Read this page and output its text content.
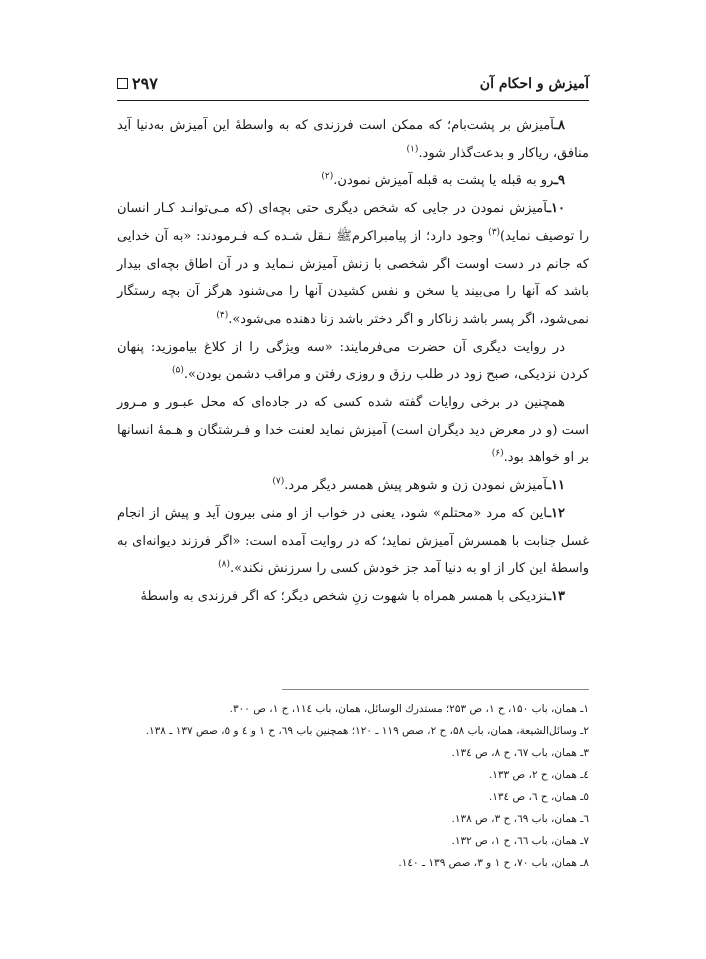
آمیزش و احکام آن
۲۹۷

۸ـآمیزش بر پشت‌بام؛ که ممکن است فرزندی که به واسطهٔ این آمیزش به‌دنیا آید منافق، ریاکار و بدعت‌گذار شود.$^{(۱)}$

۹ـرو به قبله یا پشت به قبله آمیزش نمودن.$^{(۲)}$

۱۰ـآمیزش نمودن در جایی که شخص دیگری حتی بچه‌ای (که مـی‌توانـد کـار انسان را توصیف نماید)$^{(۳)}$ وجود دارد؛ از پیامبراکرمﷺ نـقل شـده کـه فـرمودند: «به آن خدایی که جانم در دست اوست اگر شخصی با زنش آمیزش نـماید و در آن اطاق بچه‌ای بیدار باشد که آنها را می‌بیند یا سخن و نفس کشیدن آنها را می‌شنود هرگز آن بچه رستگار نمی‌شود، اگر پسر باشد زناکار و اگر دختر باشد زنا دهنده می‌شود».$^{(۴)}$

در روایت دیگری آن حضرت می‌فرمایند: «سه ویژگی را از کلاغ بیاموزید: پنهان کردن نزدیکی، صبح زود در طلب رزق و روزی رفتن و مراقب دشمن بودن».$^{(۵)}$

همچنین در برخی روایات گفته شده کسی که در جاده‌ای که محل عبـور و مـرور است (و در معرض دید دیگران است) آمیزش نماید لعنت خدا و فـرشتگان و هـمهٔ انسانها بر او خواهد بود.$^{(۶)}$

۱۱ـآمیزش نمودن زن و شوهر پیش همسر دیگر مرد.$^{(۷)}$

۱۲ـاین که مرد «محتلم» شود، یعنی در خواب از او منی بیرون آید و پیش از انجام غسل جنابت با همسرش آمیزش نماید؛ که در روایت آمده است: «اگر فرزند دیوانه‌ای به واسطهٔ این کار از او به دنیا آمد جز خودش کسی را سرزنش نکند».$^{(۸)}$

۱۳ـنزدیکی با همسر همراه با شهوت زنِ شخص دیگر؛ که اگر فرزندی به واسطهٔ

۱ـ همان، باب ۱۵۰، ح ۱، ص ۲۵۳؛ مستدرك الوسائل، همان، باب ۱۱٤، ح ۱، ص ۳۰۰.
۲ـ وسائل‌الشیعة، همان، باب ۵۸، ح ۲، صص ۱۱۹ ـ ۱۲۰؛ همچنین باب ٦۹، ح ۱ و ٤ و ٥، صص ۱۳۷ ـ ۱۳۸.
۳ـ همان، باب ٦۷، ح ۸، ص ۱۳٤.
٤ـ همان، ح ۲، ص ۱۳۳.
٥ـ همان، ح ٦، ص ۱۳٤.
٦ـ همان، باب ٦۹، ح ۳، ص ۱۳۸.
۷ـ همان، باب ٦٦، ح ۱، ص ۱۳۲.
۸ـ همان، باب ۷۰، ح ۱ و ۳، صص ۱۳۹ ـ ۱٤۰.
